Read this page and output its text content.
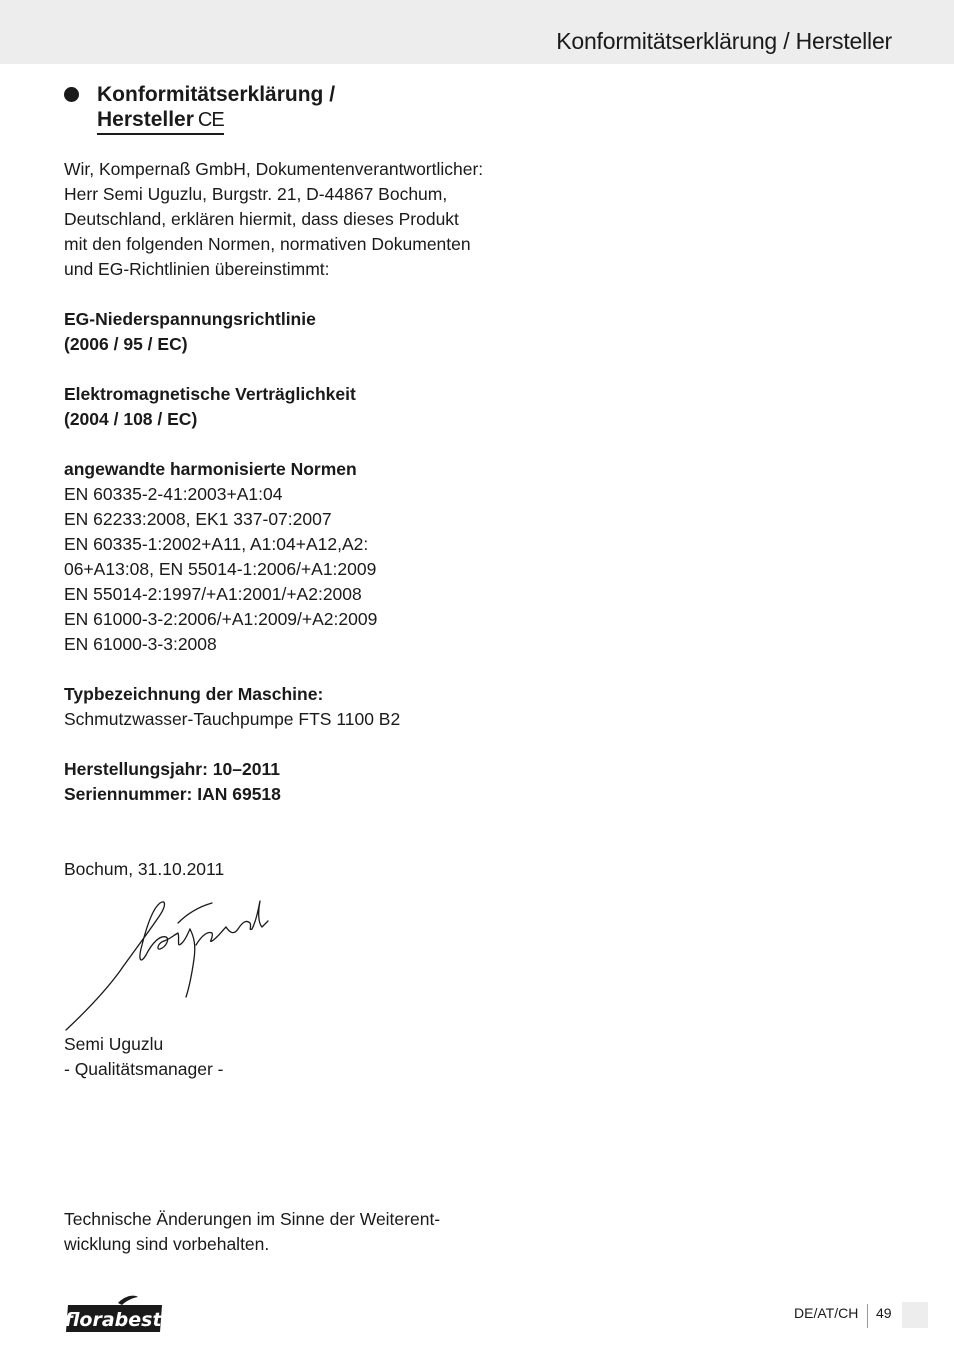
Konformitätserklärung / Hersteller
Konformitätserklärung /
Hersteller CE
Wir, Kompernaß GmbH, Dokumentenverantwortlicher:
Herr Semi Uguzlu, Burgstr. 21, D-44867 Bochum,
Deutschland, erklären hiermit, dass dieses Produkt
mit den folgenden Normen, normativen Dokumenten
und EG-Richtlinien übereinstimmt:
EG-Niederspannungsrichtlinie
(2006 / 95 / EC)
Elektromagnetische Verträglichkeit
(2004 / 108 / EC)
angewandte harmonisierte Normen
EN 60335-2-41:2003+A1:04
EN 62233:2008, EK1 337-07:2007
EN 60335-1:2002+A11, A1:04+A12,A2:
06+A13:08, EN 55014-1:2006/+A1:2009
EN 55014-2:1997/+A1:2001/+A2:2008
EN 61000-3-2:2006/+A1:2009/+A2:2009
EN 61000-3-3:2008
Typbezeichnung der Maschine:
Schmutzwasser-Tauchpumpe FTS 1100 B2
Herstellungsjahr: 10–2011
Seriennummer: IAN 69518
Bochum, 31.10.2011
Semi Uguzlu
- Qualitätsmanager -
Technische Änderungen im Sinne der Weiterent-
wicklung sind vorbehalten.
florabest	DE/AT/CH 49
